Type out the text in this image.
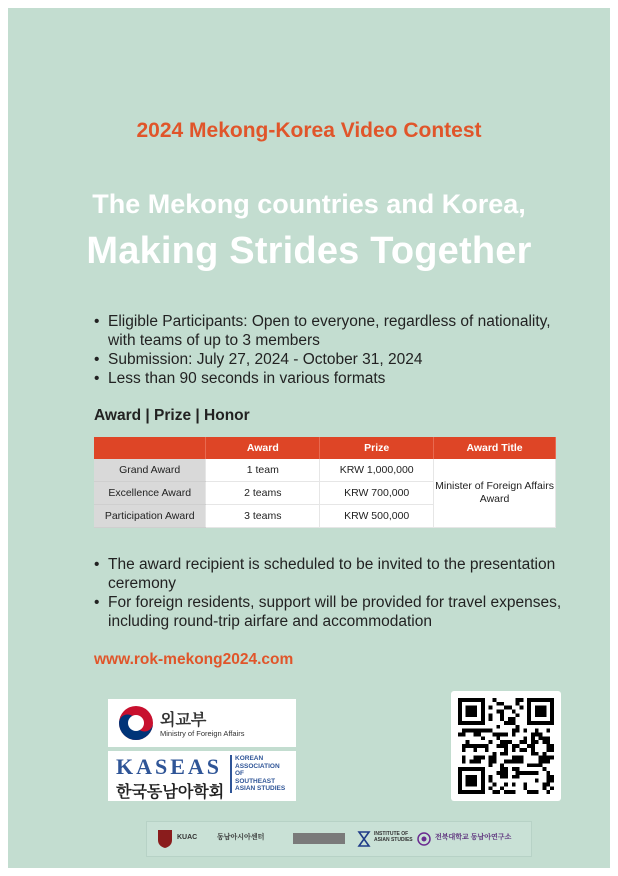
2024 Mekong-Korea Video Contest
The Mekong countries and Korea,
Making Strides Together
• Eligible Participants: Open to everyone, regardless of nationality, with teams of up to 3 members
• Submission: July 27, 2024 - October 31, 2024
• Less than 90 seconds in various formats
Award | Prize | Honor
	Award	Prize	Award Title
Grand Award	1 team	KRW 1,000,000	Minister of Foreign Affairs Award
Excellence Award	2 teams	KRW 700,000	
Participation Award	3 teams	KRW 500,000	
• The award recipient is scheduled to be invited to the presentation ceremony
• For foreign residents, support will be provided for travel expenses, including round-trip airfare and accommodation
www.rok-mekong2024.com
외교부
Ministry of Foreign Affairs
KASEAS
한국동남아학회
KOREAN
ASSOCIATION
OF
SOUTHEAST
ASIAN STUDIES
KUAC	동남아시아센터	INSTITUTE OF ASIAN STUDIES	전북대학교 동남아연구소
